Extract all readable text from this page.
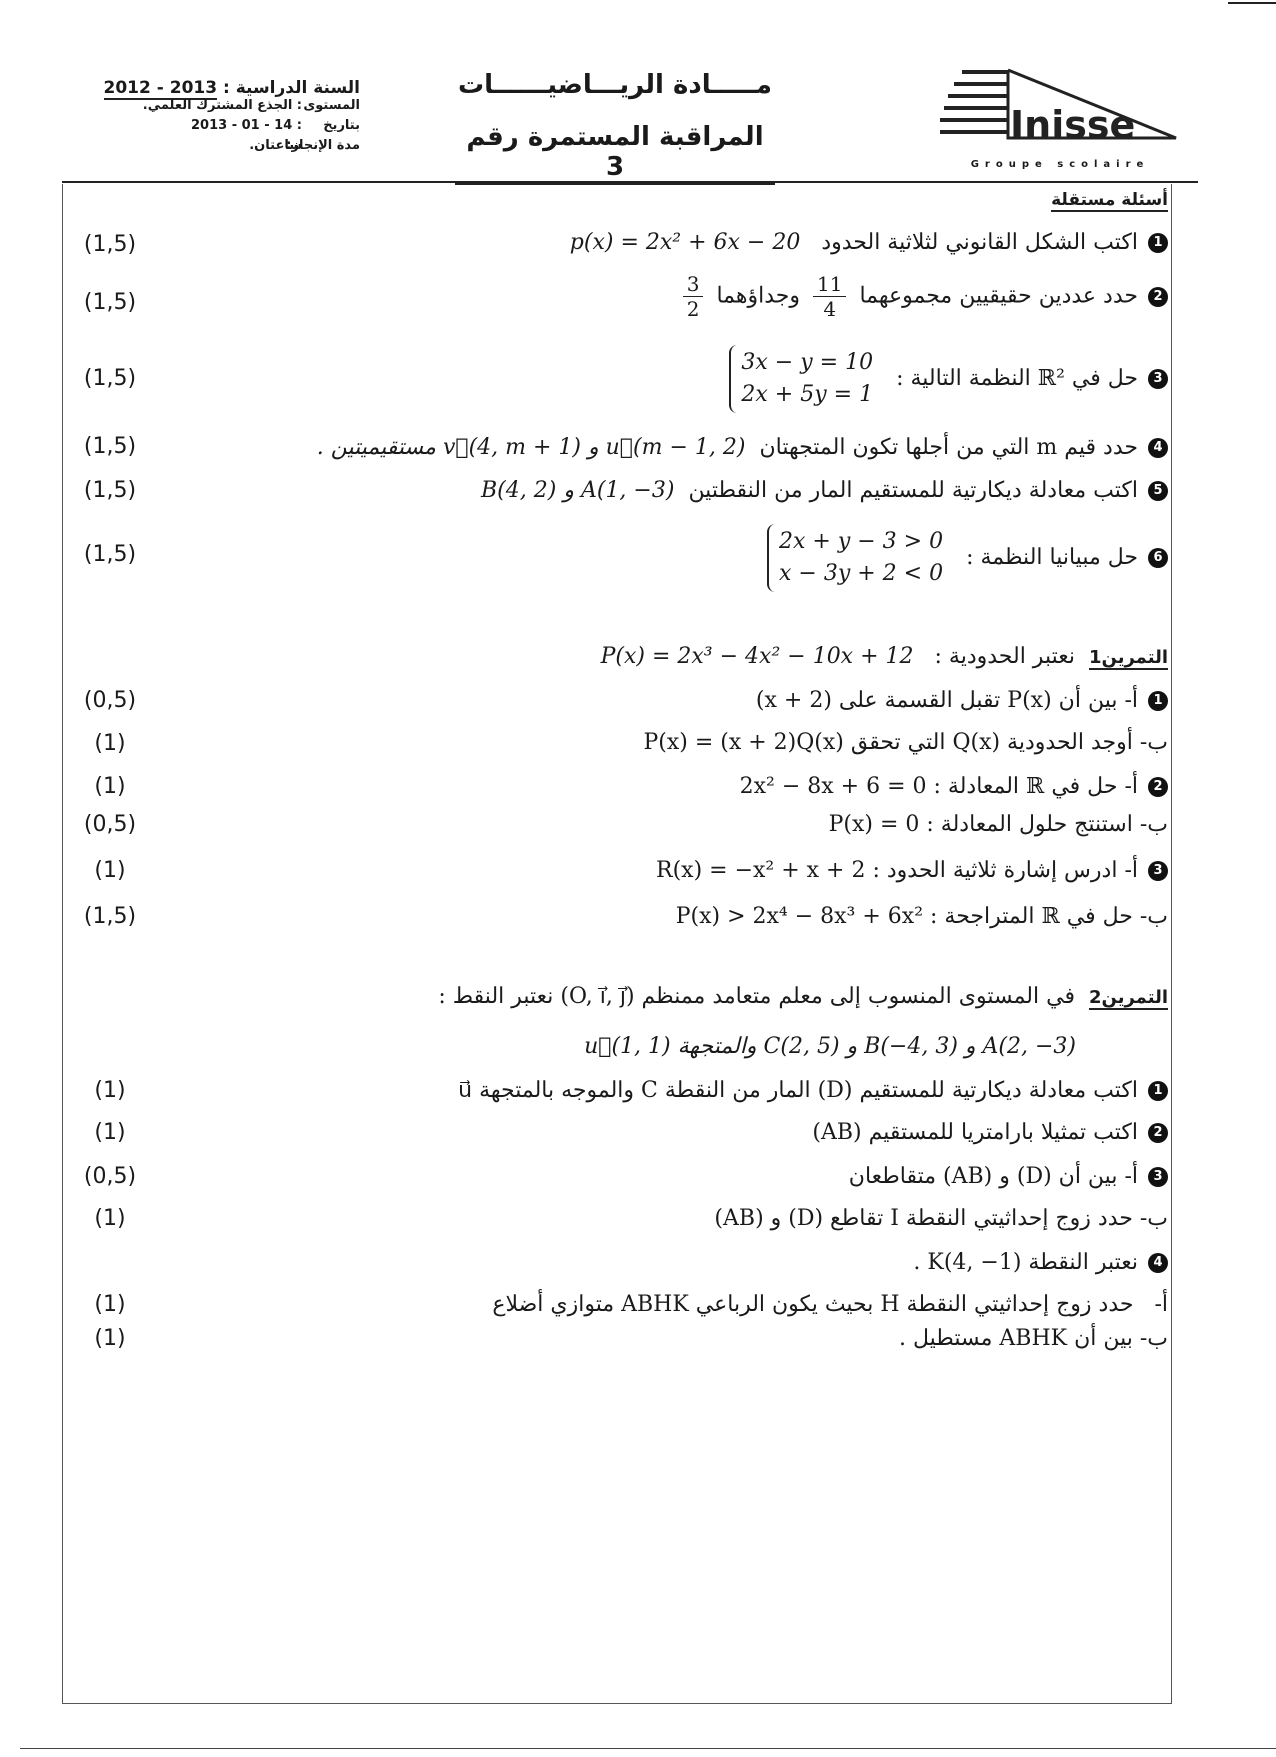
السنة الدراسية : 2013 - 2012
المستوى
: الجذع المشترك العلمي.
بتاريخ
: 14 - 01 - 2013
مدة الإنجاز:
ساعتان.
مـــــادة الريـــاضيــــــات
المراقبة المستمرة رقم 3
Inisse
Groupe scolaire
أسئلة مستقلة
1اكتب الشكل القانوني لثلاثية الحدود   p(x) = 2x² + 6x − 20
(1,5)
2حدد عددين حقيقيين مجموعهما
$\frac{11}{4}$
وجداؤهما
$\frac{3}{2}$
(1,5)
3حل في ℝ² النظمة التالية :
3x − y = 10
2x + 5y = 1
(1,5)
4حدد قيم m التي من أجلها تكون المتجهتان  u⃗(m − 1, 2) و v⃗(4, m + 1) مستقيميتين .
(1,5)
5اكتب معادلة ديكارتية للمستقيم المار من النقطتين  A(1, −3) و B(4, 2)
(1,5)
6حل مبيانيا النظمة :
2x + y − 3 > 0
x − 3y + 2 < 0
(1,5)
التمرين1  نعتبر الحدودية :   P(x) = 2x³ − 4x² − 10x + 12
1أ- بين أن P(x) تقبل القسمة على (x + 2)
(0,5)
ب- أوجد الحدودية Q(x) التي تحقق P(x) = (x + 2)Q(x)
(1)
2أ- حل في ℝ المعادلة : 2x² − 8x + 6 = 0
(1)
ب- استنتج حلول المعادلة : P(x) = 0
(0,5)
3أ- ادرس إشارة ثلاثية الحدود : R(x) = −x² + x + 2
(1)
ب- حل في ℝ المتراجحة : P(x) > 2x⁴ − 8x³ + 6x²
(1,5)
التمرين2  في المستوى المنسوب إلى معلم متعامد ممنظم (O, i⃗, j⃗) نعتبر النقط :
A(2, −3) و B(−4, 3) و C(2, 5) والمتجهة u⃗(1, 1)
1اكتب معادلة ديكارتية للمستقيم (D) المار من النقطة C والموجه بالمتجهة u⃗
(1)
2اكتب تمثيلا بارامتريا للمستقيم (AB)
(1)
3أ- بين أن (D) و (AB) متقاطعان
(0,5)
ب- حدد زوج إحداثيتي النقطة I تقاطع (D) و (AB)
(1)
4نعتبر النقطة K(4, −1) .
أ-   حدد زوج إحداثيتي النقطة H بحيث يكون الرباعي ABHK متوازي أضلاع
(1)
ب- بين أن ABHK مستطيل .
(1)
